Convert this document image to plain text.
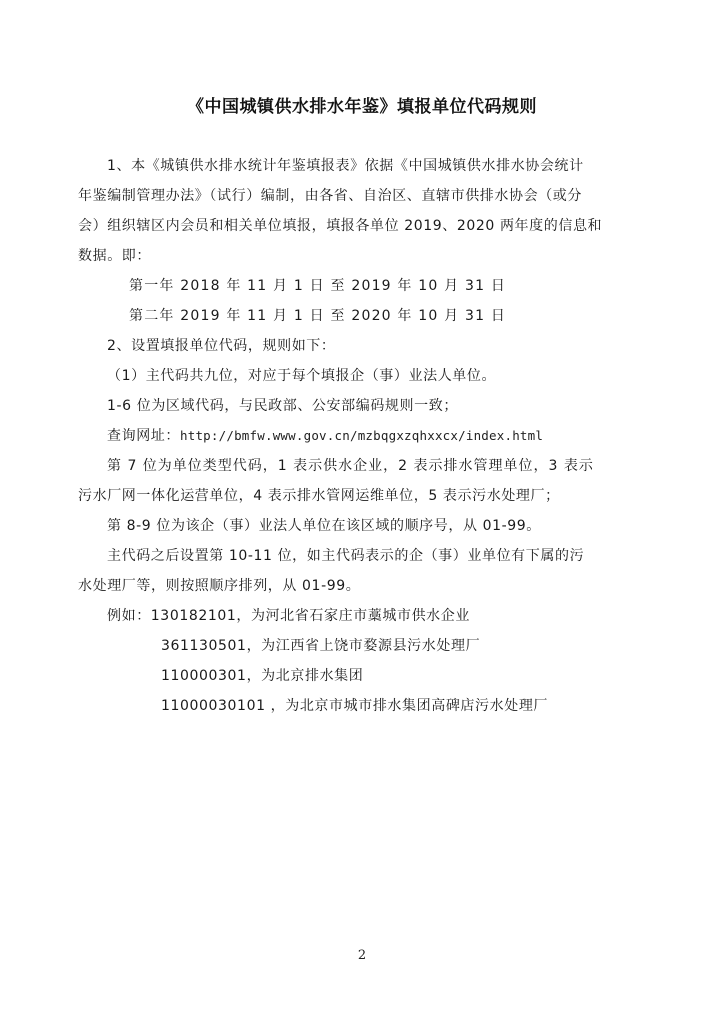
《中国城镇供水排水年鉴》填报单位代码规则
1、本《城镇供水排水统计年鉴填报表》依据《中国城镇供水排水协会统计
年鉴编制管理办法》（试行）编制，由各省、自治区、直辖市供排水协会（或分
会）组织辖区内会员和相关单位填报，填报各单位 2019、2020 两年度的信息和
数据。即：
第一年 2018 年 11 月 1 日 至 2019 年 10 月 31 日
第二年 2019 年 11 月 1 日 至 2020 年 10 月 31 日
2、设置填报单位代码，规则如下：
（1）主代码共九位，对应于每个填报企（事）业法人单位。
1-6 位为区域代码，与民政部、公安部编码规则一致；
查询网址：http://bmfw.www.gov.cn/mzbqgxzqhxxcx/index.html
第 7 位为单位类型代码，1 表示供水企业，2 表示排水管理单位，3 表示
污水厂网一体化运营单位，4 表示排水管网运维单位，5 表示污水处理厂；
第 8-9 位为该企（事）业法人单位在该区域的顺序号，从 01-99。
主代码之后设置第 10-11 位，如主代码表示的企（事）业单位有下属的污
水处理厂等，则按照顺序排列，从 01-99。
例如：130182101，为河北省石家庄市藁城市供水企业
361130501，为江西省上饶市婺源县污水处理厂
110000301，为北京排水集团
11000030101 ，为北京市城市排水集团高碑店污水处理厂
2
